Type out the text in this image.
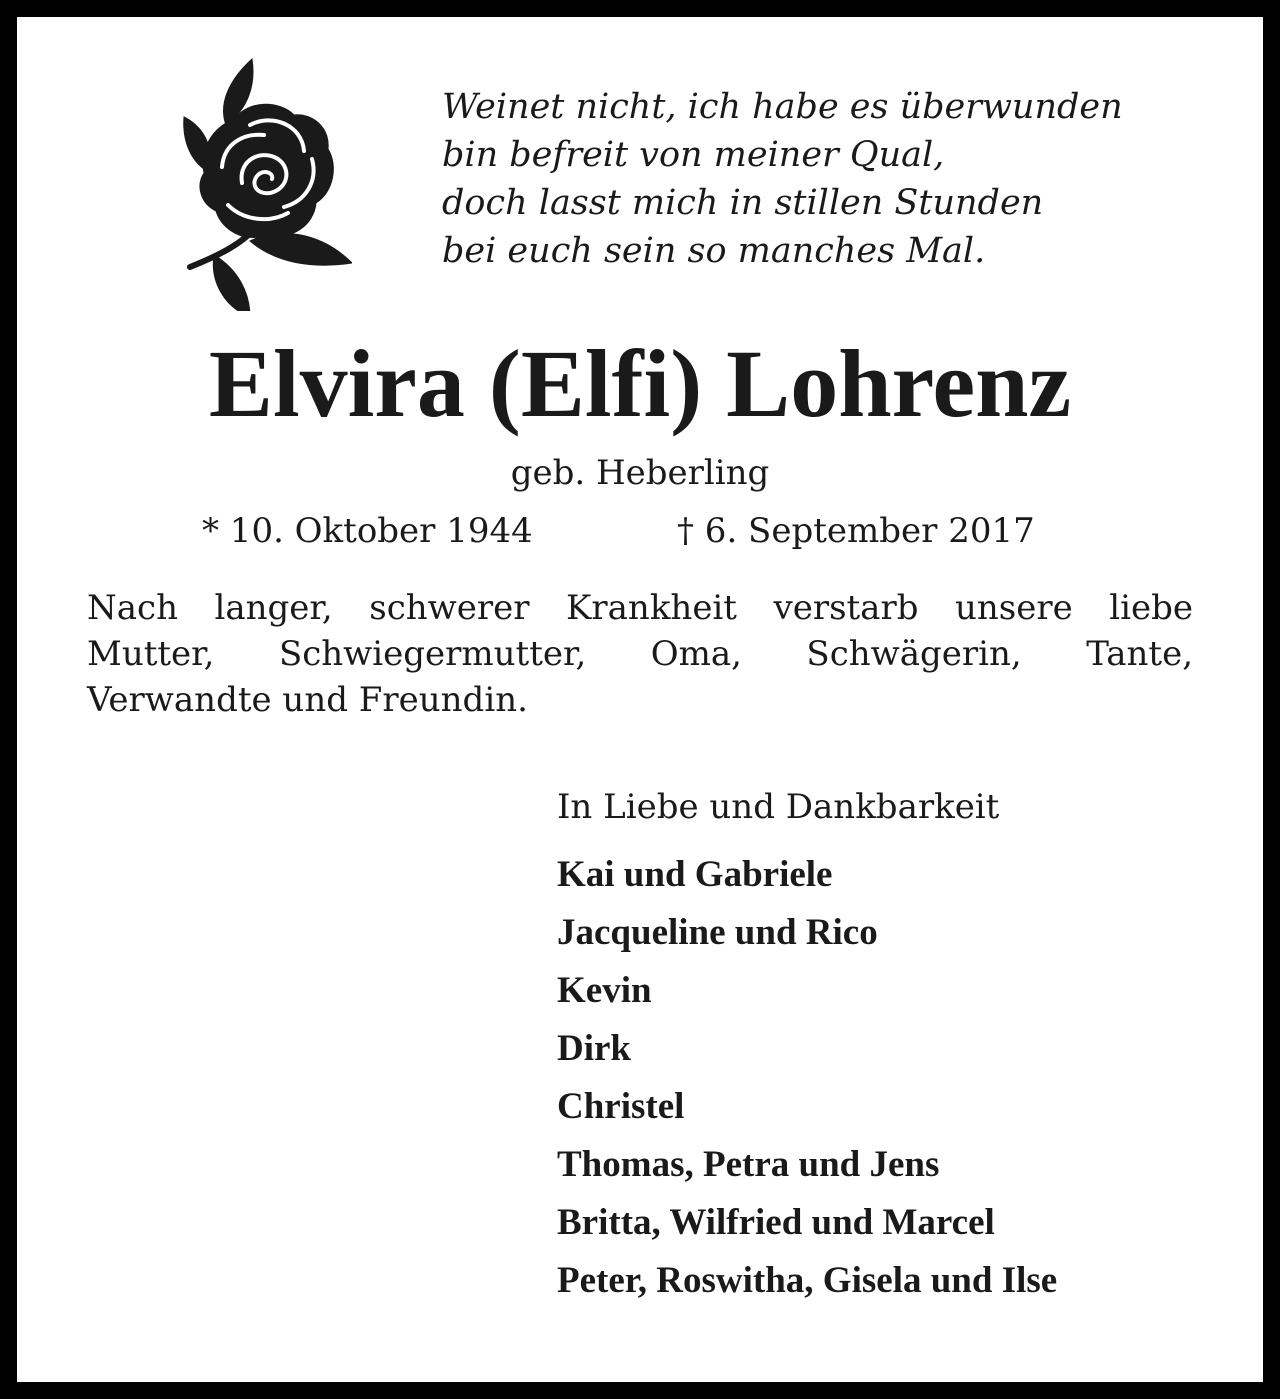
Weinet nicht, ich habe es überwunden
bin befreit von meiner Qual,
doch lasst mich in stillen Stunden
bei euch sein so manches Mal.
Elvira (Elfi) Lohrenz
geb. Heberling
* 10. Oktober 1944	† 6. September 2017
Nach langer, schwerer Krankheit verstarb unsere liebe
Mutter, Schwiegermutter, Oma, Schwägerin, Tante,
Verwandte und Freundin.
In Liebe und Dankbarkeit
Kai und Gabriele
Jacqueline und Rico
Kevin
Dirk
Christel
Thomas, Petra und Jens
Britta, Wilfried und Marcel
Peter, Roswitha, Gisela und Ilse
